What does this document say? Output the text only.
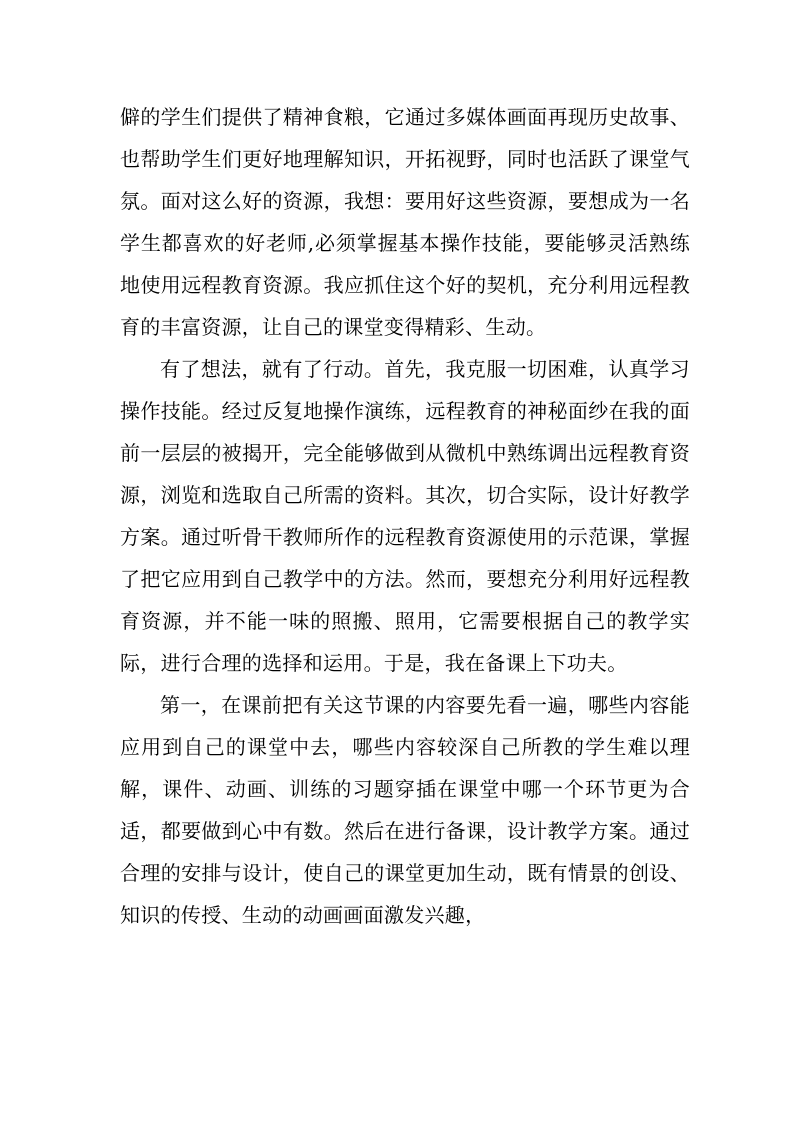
僻的学生们提供了精神食粮，它通过多媒体画面再现历史故事、也帮助学生们更好地理解知识，开拓视野，同时也活跃了课堂气氛。面对这么好的资源，我想：要用好这些资源，要想成为一名学生都喜欢的好老师,必须掌握基本操作技能，要能够灵活熟练地使用远程教育资源。我应抓住这个好的契机，充分利用远程教育的丰富资源，让自己的课堂变得精彩、生动。

有了想法，就有了行动。首先，我克服一切困难，认真学习操作技能。经过反复地操作演练，远程教育的神秘面纱在我的面前一层层的被揭开，完全能够做到从微机中熟练调出远程教育资源，浏览和选取自己所需的资料。其次，切合实际，设计好教学方案。通过听骨干教师所作的远程教育资源使用的示范课，掌握了把它应用到自己教学中的方法。然而，要想充分利用好远程教育资源，并不能一味的照搬、照用，它需要根据自己的教学实际，进行合理的选择和运用。于是，我在备课上下功夫。

第一，在课前把有关这节课的内容要先看一遍，哪些内容能应用到自己的课堂中去，哪些内容较深自己所教的学生难以理解，课件、动画、训练的习题穿插在课堂中哪一个环节更为合适，都要做到心中有数。然后在进行备课，设计教学方案。通过合理的安排与设计，使自己的课堂更加生动，既有情景的创设、知识的传授、生动的动画画面激发兴趣，
